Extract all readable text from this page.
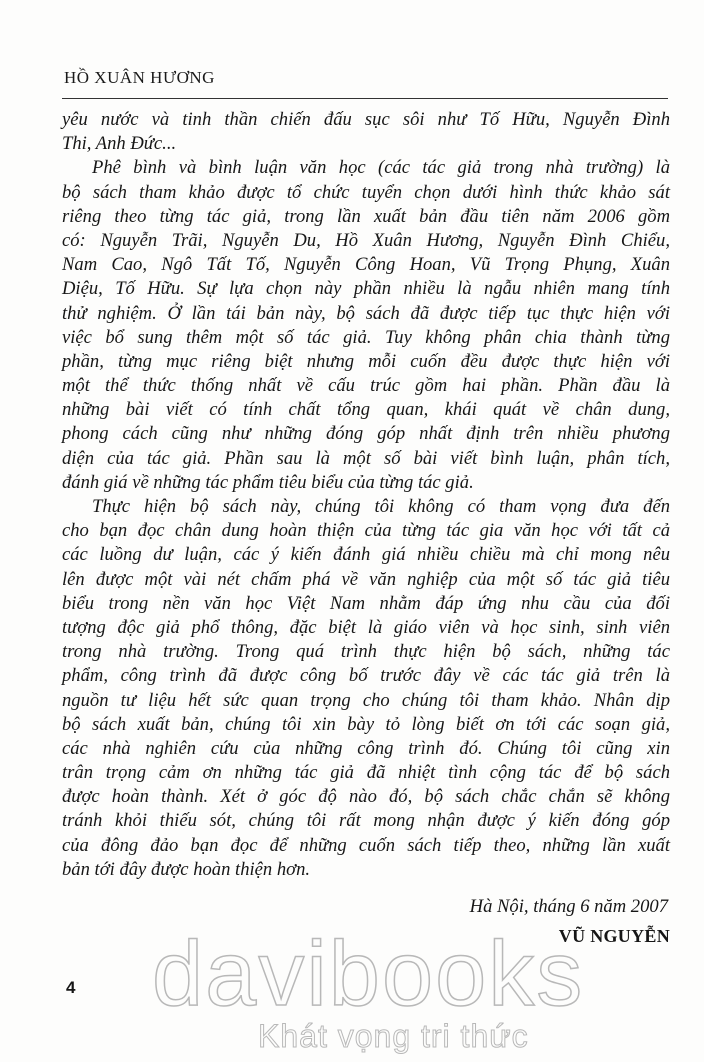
HỒ XUÂN HƯƠNG
yêu nước và tinh thần chiến đấu sục sôi như Tố Hữu, Nguyễn Đình
Thi, Anh Đức...
Phê bình và bình luận văn học (các tác giả trong nhà trường) là
bộ sách tham khảo được tổ chức tuyển chọn dưới hình thức khảo sát
riêng theo từng tác giả, trong lần xuất bản đầu tiên năm 2006 gồm
có: Nguyễn Trãi, Nguyễn Du, Hồ Xuân Hương, Nguyễn Đình Chiểu,
Nam Cao, Ngô Tất Tố, Nguyễn Công Hoan, Vũ Trọng Phụng, Xuân
Diệu, Tố Hữu. Sự lựa chọn này phần nhiều là ngẫu nhiên mang tính
thử nghiệm. Ở lần tái bản này, bộ sách đã được tiếp tục thực hiện với
việc bổ sung thêm một số tác giả. Tuy không phân chia thành từng
phần, từng mục riêng biệt nhưng mỗi cuốn đều được thực hiện với
một thể thức thống nhất về cấu trúc gồm hai phần. Phần đầu là
những bài viết có tính chất tổng quan, khái quát về chân dung,
phong cách cũng như những đóng góp nhất định trên nhiều phương
diện của tác giả. Phần sau là một số bài viết bình luận, phân tích,
đánh giá về những tác phẩm tiêu biểu của từng tác giả.
Thực hiện bộ sách này, chúng tôi không có tham vọng đưa đến
cho bạn đọc chân dung hoàn thiện của từng tác gia văn học với tất cả
các luồng dư luận, các ý kiến đánh giá nhiều chiều mà chỉ mong nêu
lên được một vài nét chấm phá về văn nghiệp của một số tác giả tiêu
biểu trong nền văn học Việt Nam nhằm đáp ứng nhu cầu của đối
tượng độc giả phổ thông, đặc biệt là giáo viên và học sinh, sinh viên
trong nhà trường. Trong quá trình thực hiện bộ sách, những tác
phẩm, công trình đã được công bố trước đây về các tác giả trên là
nguồn tư liệu hết sức quan trọng cho chúng tôi tham khảo. Nhân dịp
bộ sách xuất bản, chúng tôi xin bày tỏ lòng biết ơn tới các soạn giả,
các nhà nghiên cứu của những công trình đó. Chúng tôi cũng xin
trân trọng cảm ơn những tác giả đã nhiệt tình cộng tác để bộ sách
được hoàn thành. Xét ở góc độ nào đó, bộ sách chắc chắn sẽ không
tránh khỏi thiếu sót, chúng tôi rất mong nhận được ý kiến đóng góp
của đông đảo bạn đọc để những cuốn sách tiếp theo, những lần xuất
bản tới đây được hoàn thiện hơn.
Hà Nội, tháng 6 năm 2007
VŨ NGUYỄN
4 davibooks
Khát vọng tri thức
